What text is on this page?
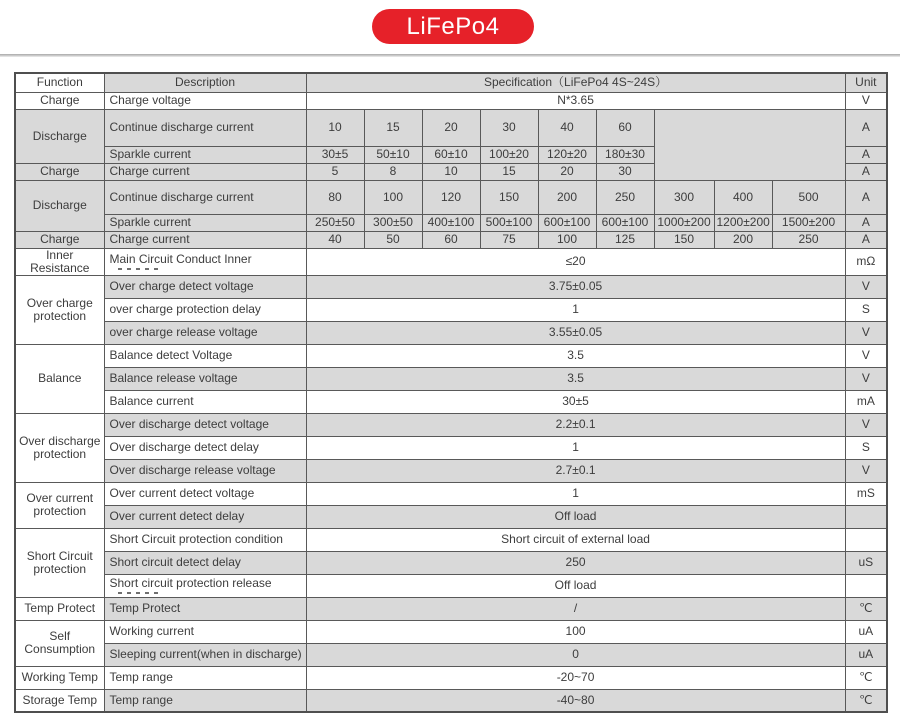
LiFePo4
Function	Description	Specification（LiFePo4 4S~24S）									Unit
Charge	Charge voltage	N*3.65									V
Discharge	Continue discharge current	10	15	20	30	40	60				A
	Sparkle current	30±5	50±10	60±10	100±20	120±20	180±30				A
Charge	Charge current	5	8	10	15	20	30				A
Discharge	Continue discharge current	80	100	120	150	200	250	300	400	500	A
	Sparkle current	250±50	300±50	400±100	500±100	600±100	600±100	1000±200	1200±200	1500±200	A
Charge	Charge current	40	50	60	75	100	125	150	200	250	A
Inner Resistance	Main Circuit Conduct Inner	≤20									mΩ
Over charge protection	Over charge detect voltage	3.75±0.05									V
	over charge protection delay	1									S
	over charge release voltage	3.55±0.05									V
Balance	Balance detect Voltage	3.5									V
	Balance release voltage	3.5									V
	Balance current	30±5									mA
Over discharge protection	Over discharge detect voltage	2.2±0.1									V
	Over discharge detect delay	1									S
	Over discharge release voltage	2.7±0.1									V
Over current protection	Over current detect voltage	1									mS
	Over current detect delay	Off load									
Short Circuit protection	Short Circuit protection condition	Short circuit of external load									
	Short circuit detect delay	250									uS

	Short circuit protection release	Off load									
Temp Protect	Temp Protect	/									℃
Self Consumption	Working current	100									uA
	Sleeping current(when in discharge)	0									uA
Working Temp	Temp range	-20~70									℃
Storage Temp	Temp range	-40~80									℃
